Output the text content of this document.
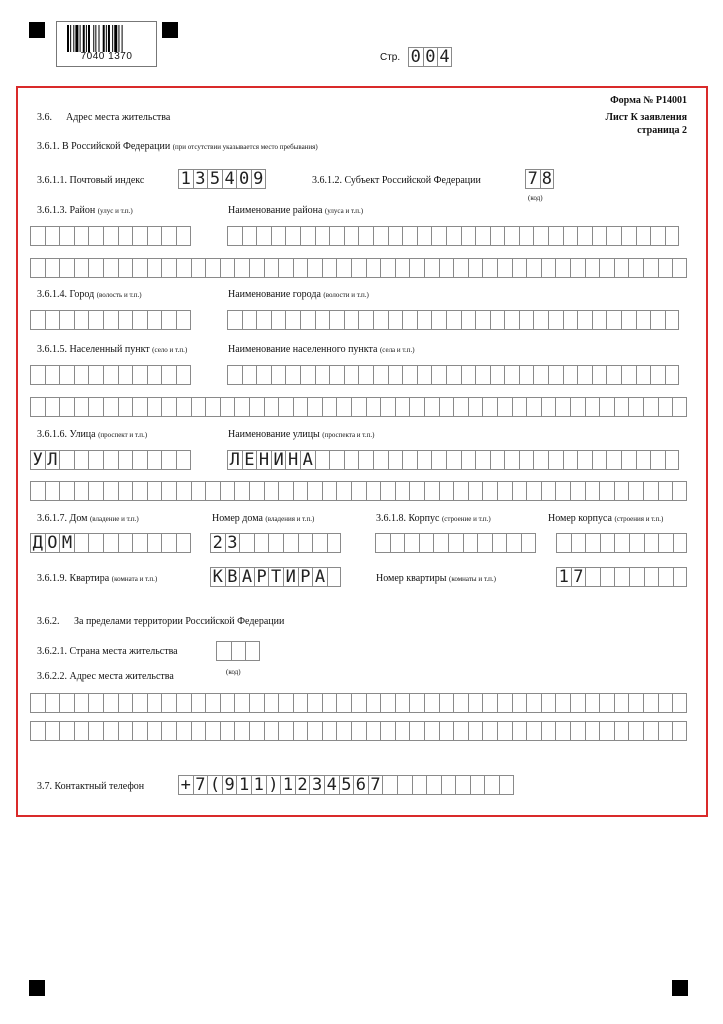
7040 1370	Стр. 0 0 4
Форма № Р14001
Лист К заявления
страница 2
3.6. Адрес места жительства
3.6.1. В Российской Федерации (при отсутствии указывается место пребывания)
3.6.1.1. Почтовый индекс 1 3 5 4 0 9	3.6.1.2. Субъект Российской Федерации	7 8
(код)
3.6.1.3. Район (улус и т.п.)	Наименование района (улуса и т.п.)
3.6.1.4. Город (волость и т.п.)	Наименование города (волости и т.п.)
3.6.1.5. Населенный пункт (село и т.п.)	Наименование населенного пункта (села и т.п.)
3.6.1.6. Улица (проспект и т.п.)	Наименование улицы (проспекта и т.п.)
У Л	Л Е Н И Н А
3.6.1.7. Дом (владение и т.п.)	Номер дома (владения и т.п.)	3.6.1.8. Корпус (строение и т.п.)	Номер корпуса (строения и т.п.)
Д О М	2 3
3.6.1.9. Квартира (комната и т.п.)	К В А Р Т И Р А	Номер квартиры (комнаты и т.п.)	1 7
3.6.2. За пределами территории Российской Федерации
3.6.2.1. Страна места жительства
(код)
3.6.2.2. Адрес места жительства
3.7. Контактный телефон + 7 ( 9 1 1 ) 1 2 3 4 5 6 7
